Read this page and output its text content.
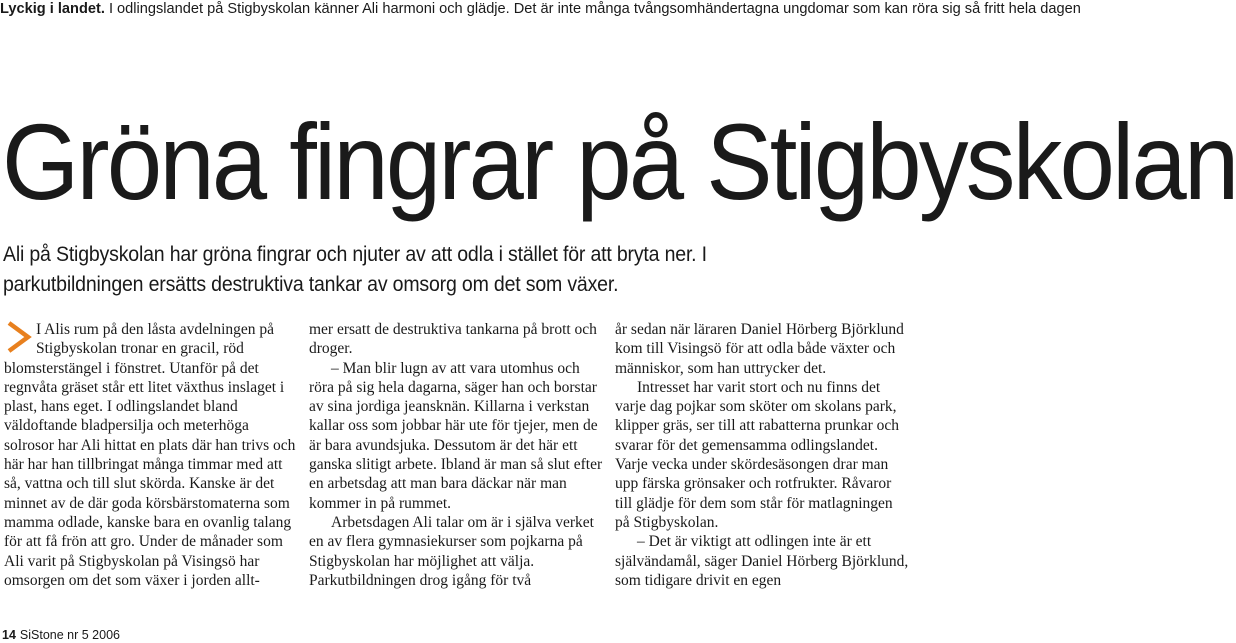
Lyckig i landet. I odlingslandet på Stigbyskolan känner Ali harmoni och glädje. Det är inte många tvångsomhändertagna ungdomar som kan röra sig så fritt hela dagen
Gröna fingrar på Stigbyskolan

Ali på Stigbyskolan har gröna fingrar och njuter av att odla i stället för att bryta ner. I parkutbildningen ersätts destruktiva tankar av omsorg om det som växer.

I Alis rum på den låsta avdelningen på Stigbyskolan tronar en gracil, röd blomsterstängel i fönstret. Utanför på det regnvåta gräset står ett litet växthus inslaget i plast, hans eget. I odlingslandet bland väldoftande bladpersilja och meterhöga solrosor har Ali hittat en plats där han trivs och här har han tillbringat många timmar med att så, vattna och till slut skörda. Kanske är det minnet av de där goda körsbärstomaterna som mamma odlade, kanske bara en ovanlig talang för att få frön att gro. Under de månader som Ali varit på Stigbyskolan på Visingsö har omsorgen om det som växer i jorden allt-

mer ersatt de destruktiva tankarna på brott och droger.

– Man blir lugn av att vara utomhus och röra på sig hela dagarna, säger han och borstar av sina jordiga jeansknän. Killarna i verkstan kallar oss som jobbar här ute för tjejer, men de är bara avundsjuka. Dessutom är det här ett ganska slitigt arbete. Ibland är man så slut efter en arbetsdag att man bara däckar när man kommer in på rummet.

Arbetsdagen Ali talar om är i själva verket en av flera gymnasiekurser som pojkarna på Stigbyskolan har möjlighet att välja. Parkutbildningen drog igång för två

år sedan när läraren Daniel Hörberg Björklund kom till Visingsö för att odla både växter och människor, som han uttrycker det.

Intresset har varit stort och nu finns det varje dag pojkar som sköter om skolans park, klipper gräs, ser till att rabatterna prunkar och svarar för det gemensamma odlingslandet. Varje vecka under skördesäsongen drar man upp färska grönsaker och rotfrukter. Råvaror till glädje för dem som står för matlagningen på Stigbyskolan.

– Det är viktigt att odlingen inte är ett självändamål, säger Daniel Hörberg Björklund, som tidigare drivit en egen

14 SiStone nr 5 2006
